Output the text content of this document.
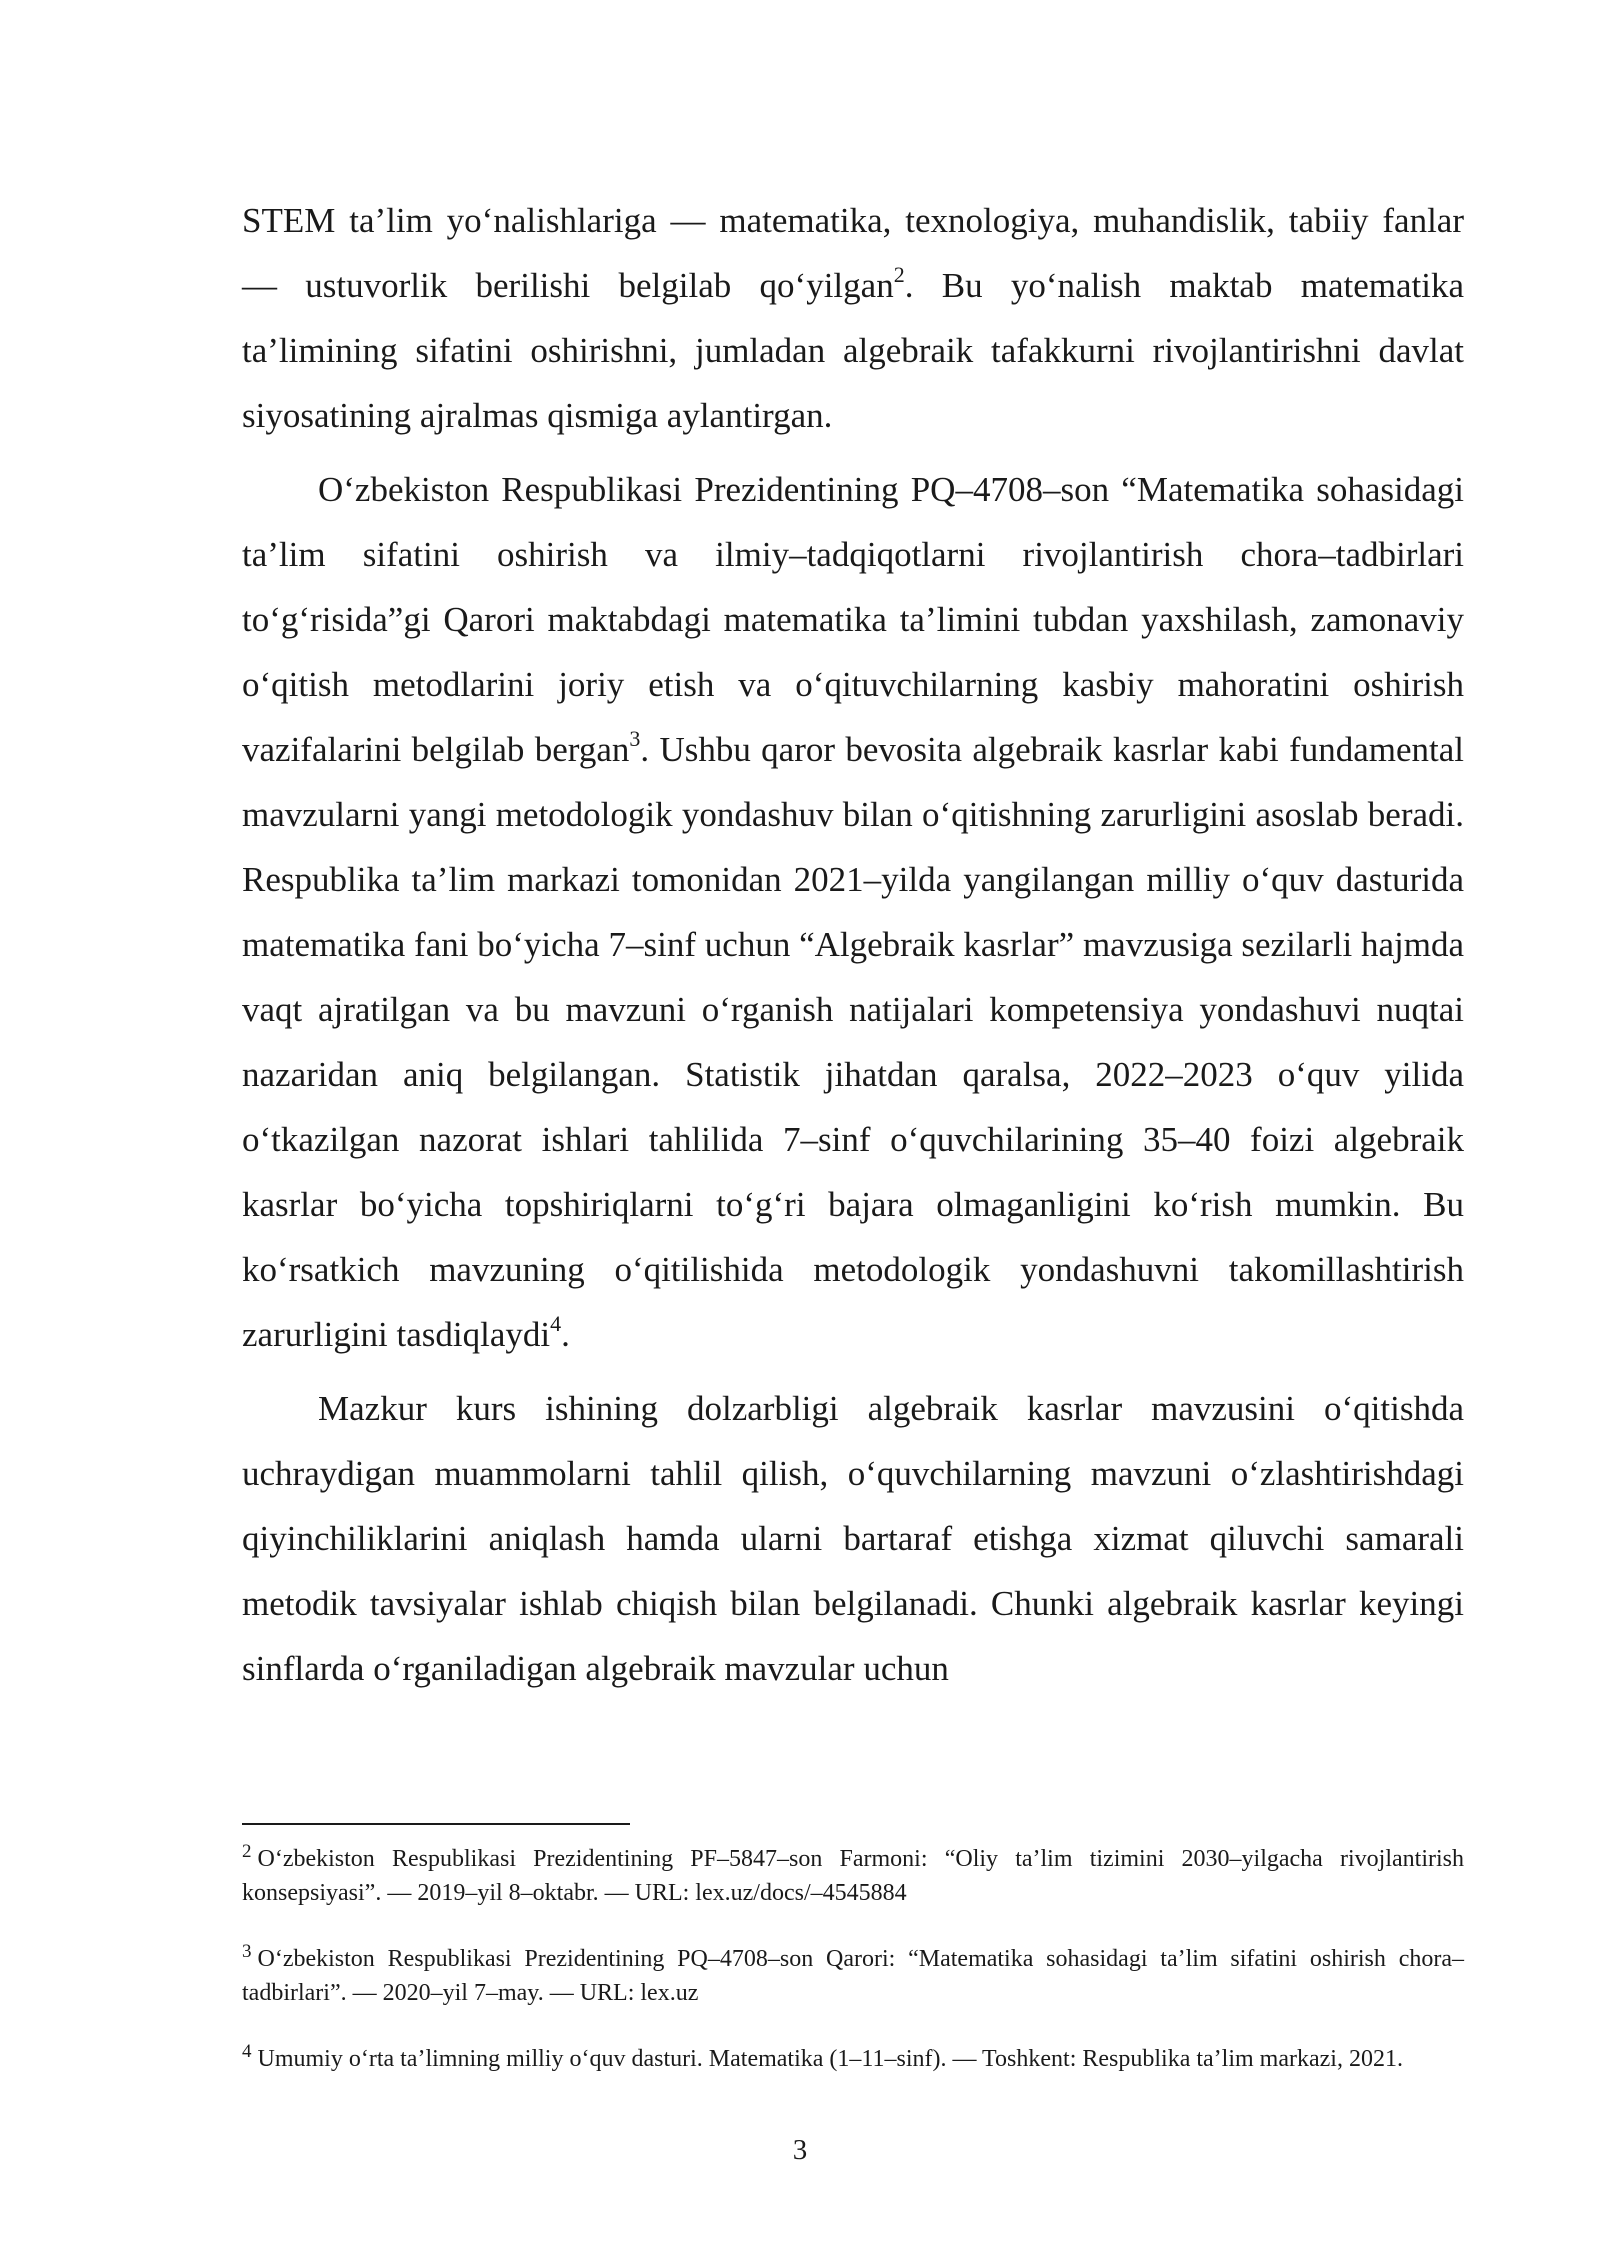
STEM ta’lim yo‘nalishlariga — matematika, texnologiya, muhandislik, tabiiy fanlar — ustuvorlik berilishi belgilab qo‘yilgan$^2$. Bu yo‘nalish maktab matematika ta’limining sifatini oshirishni, jumladan algebraik tafakkurni rivojlantirishni davlat siyosatining ajralmas qismiga aylantirgan.

O‘zbekiston Respublikasi Prezidentining PQ–4708–son “Matematika sohasidagi ta’lim sifatini oshirish va ilmiy–tadqiqotlarni rivojlantirish chora–tadbirlari to‘g‘risida”gi Qarori maktabdagi matematika ta’limini tubdan yaxshilash, zamonaviy o‘qitish metodlarini joriy etish va o‘qituvchilarning kasbiy mahoratini oshirish vazifalarini belgilab bergan$^3$. Ushbu qaror bevosita algebraik kasrlar kabi fundamental mavzularni yangi metodologik yondashuv bilan o‘qitishning zarurligini asoslab beradi. Respublika ta’lim markazi tomonidan 2021–yilda yangilangan milliy o‘quv dasturida matematika fani bo‘yicha 7–sinf uchun “Algebraik kasrlar” mavzusiga sezilarli hajmda vaqt ajratilgan va bu mavzuni o‘rganish natijalari kompetensiya yondashuvi nuqtai nazaridan aniq belgilangan. Statistik jihatdan qaralsa, 2022–2023 o‘quv yilida o‘tkazilgan nazorat ishlari tahlilida 7–sinf o‘quvchilarining 35–40 foizi algebraik kasrlar bo‘yicha topshiriqlarni to‘g‘ri bajara olmaganligini ko‘rish mumkin. Bu ko‘rsatkich mavzuning o‘qitilishida metodologik yondashuvni takomillashtirish zarurligini tasdiqlaydi$^4$.

Mazkur kurs ishining dolzarbligi algebraik kasrlar mavzusini o‘qitishda uchraydigan muammolarni tahlil qilish, o‘quvchilarning mavzuni o‘zlashtirishdagi qiyinchiliklarini aniqlash hamda ularni bartaraf etishga xizmat qiluvchi samarali metodik tavsiyalar ishlab chiqish bilan belgilanadi. Chunki algebraik kasrlar keyingi sinflarda o‘rganiladigan algebraik mavzular uchun

$^2$ O‘zbekiston Respublikasi Prezidentining PF–5847–son Farmoni: “Oliy ta’lim tizimini 2030–yilgacha rivojlantirish konsepsiyasi”. — 2019–yil 8–oktabr. — URL: lex.uz/docs/–4545884

$^3$ O‘zbekiston Respublikasi Prezidentining PQ–4708–son Qarori: “Matematika sohasidagi ta’lim sifatini oshirish chora–tadbirlari”. — 2020–yil 7–may. — URL: lex.uz

$^4$ Umumiy o‘rta ta’limning milliy o‘quv dasturi. Matematika (1–11–sinf). — Toshkent: Respublika ta’lim markazi, 2021.

3
